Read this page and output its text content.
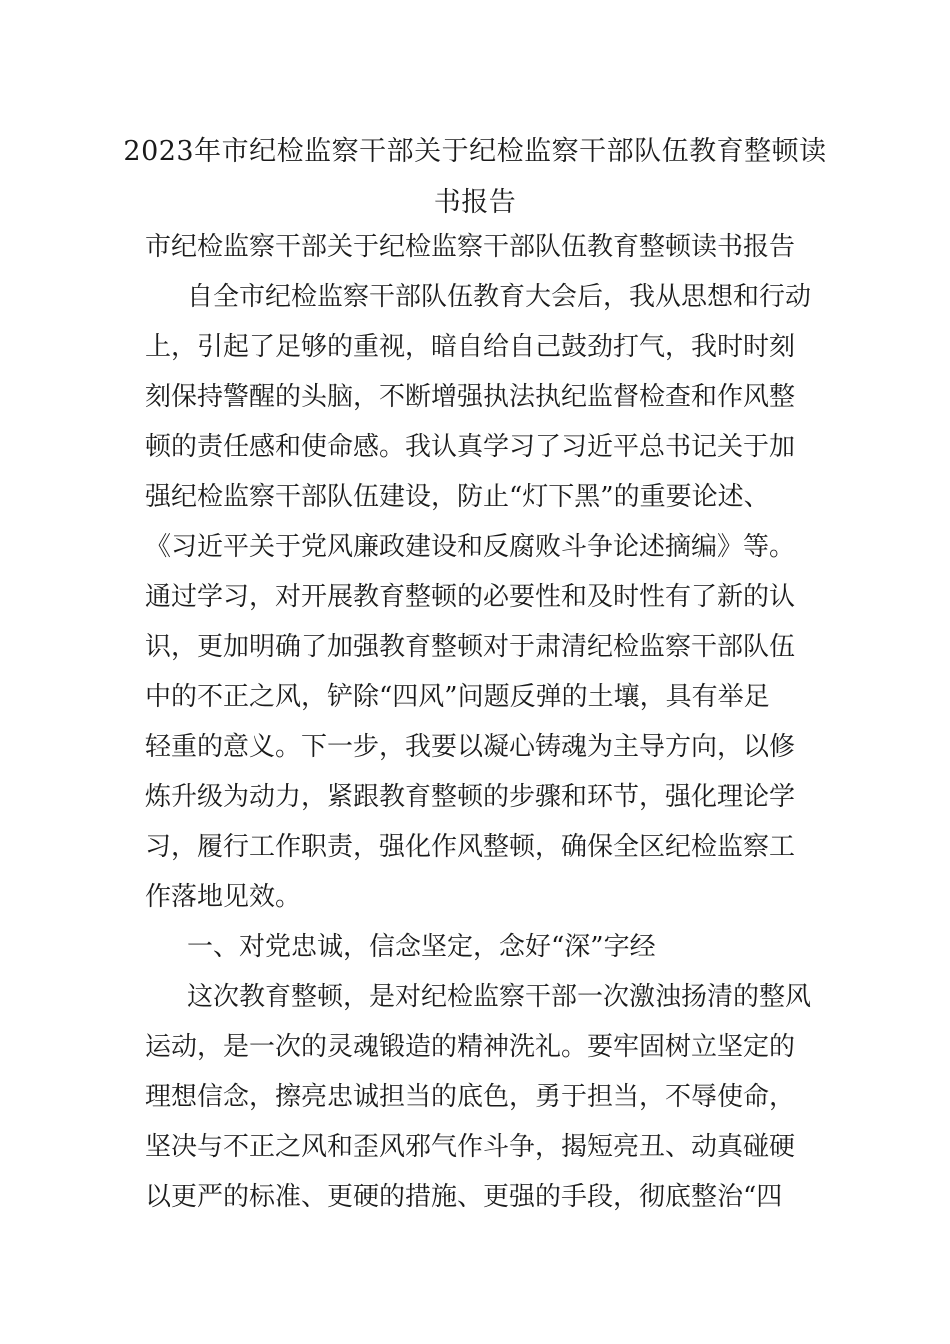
2023年市纪检监察干部关于纪检监察干部队伍教育整顿读
书报告

市纪检监察干部关于纪检监察干部队伍教育整顿读书报告

自全市纪检监察干部队伍教育大会后，我从思想和行动

上，引起了足够的重视，暗自给自己鼓劲打气，我时时刻

刻保持警醒的头脑，不断增强执法执纪监督检查和作风整

顿的责任感和使命感。我认真学习了习近平总书记关于加

强纪检监察干部队伍建设，防止“灯下黑”的重要论述、

《习近平关于党风廉政建设和反腐败斗争论述摘编》等。

通过学习，对开展教育整顿的必要性和及时性有了新的认

识，更加明确了加强教育整顿对于肃清纪检监察干部队伍

中的不正之风，铲除“四风”问题反弹的土壤，具有举足

轻重的意义。下一步，我要以凝心铸魂为主导方向，以修

炼升级为动力，紧跟教育整顿的步骤和环节，强化理论学

习，履行工作职责，强化作风整顿，确保全区纪检监察工

作落地见效。

一、对党忠诚，信念坚定，念好“深”字经

这次教育整顿，是对纪检监察干部一次激浊扬清的整风

运动，是一次的灵魂锻造的精神洗礼。要牢固树立坚定的

理想信念，擦亮忠诚担当的底色，勇于担当，不辱使命，

坚决与不正之风和歪风邪气作斗争，揭短亮丑、动真碰硬

以更严的标准、更硬的措施、更强的手段，彻底整治“四
